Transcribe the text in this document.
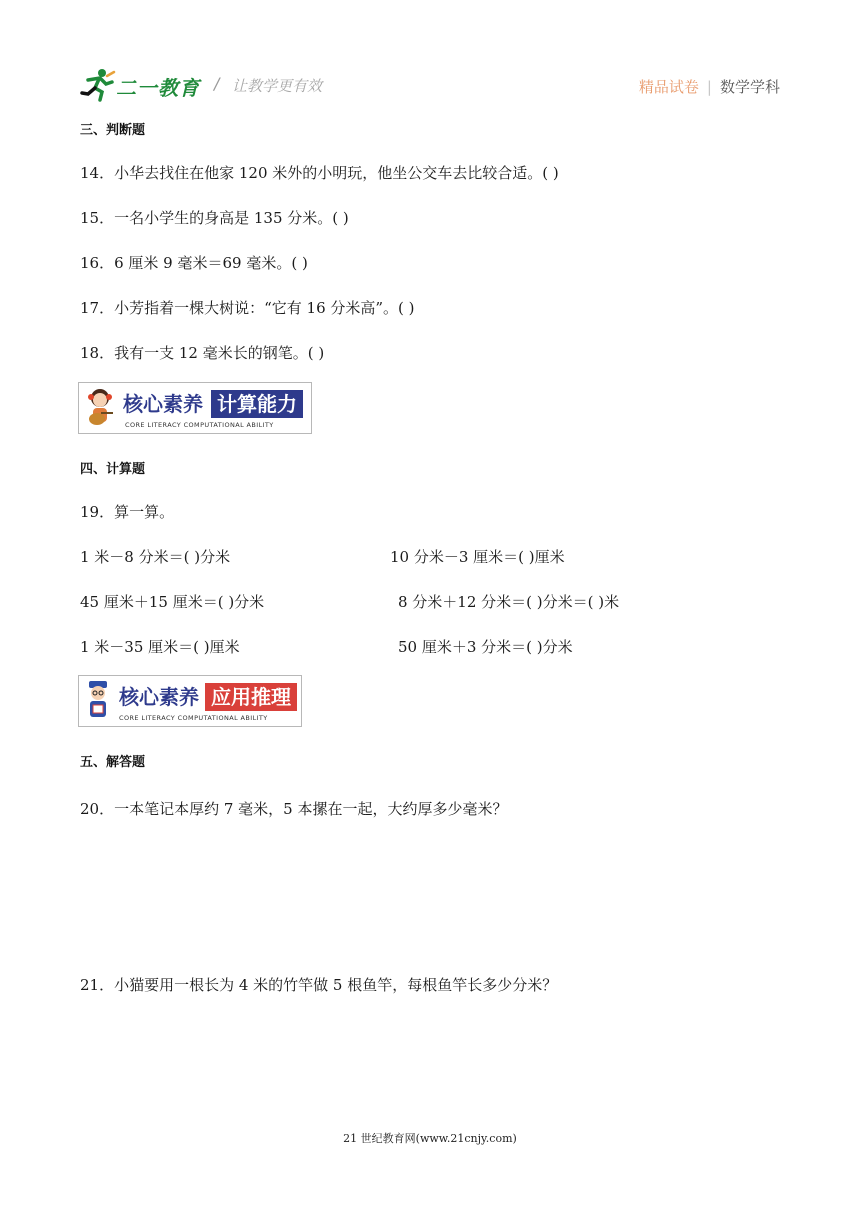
二一教育 / 让教学更有效	精品试卷 | 数学学科
三、判断题
14．小华去找住在他家 120 米外的小明玩，他坐公交车去比较合适。( )
15．一名小学生的身高是 135 分米。( )
16．6 厘米 9 毫米＝69 毫米。( )
17．小芳指着一棵大树说：“它有 16 分米高”。( )
18．我有一支 12 毫米长的钢笔。( )
核心素养 计算能力
CORE LITERACY COMPUTATIONAL ABILITY
四、计算题
19．算一算。
1 米－8 分米＝( )分米	10 分米－3 厘米＝( )厘米
45 厘米＋15 厘米＝( )分米	8 分米＋12 分米＝( )分米＝( )米
1 米－35 厘米＝( )厘米	50 厘米＋3 分米＝( )分米
核心素养 应用推理
CORE LITERACY COMPUTATIONAL ABILITY
五、解答题
20．一本笔记本厚约 7 毫米，5 本摞在一起，大约厚多少毫米？
21．小猫要用一根长为 4 米的竹竿做 5 根鱼竿，每根鱼竿长多少分米？
21 世纪教育网(www.21cnjy.com)
